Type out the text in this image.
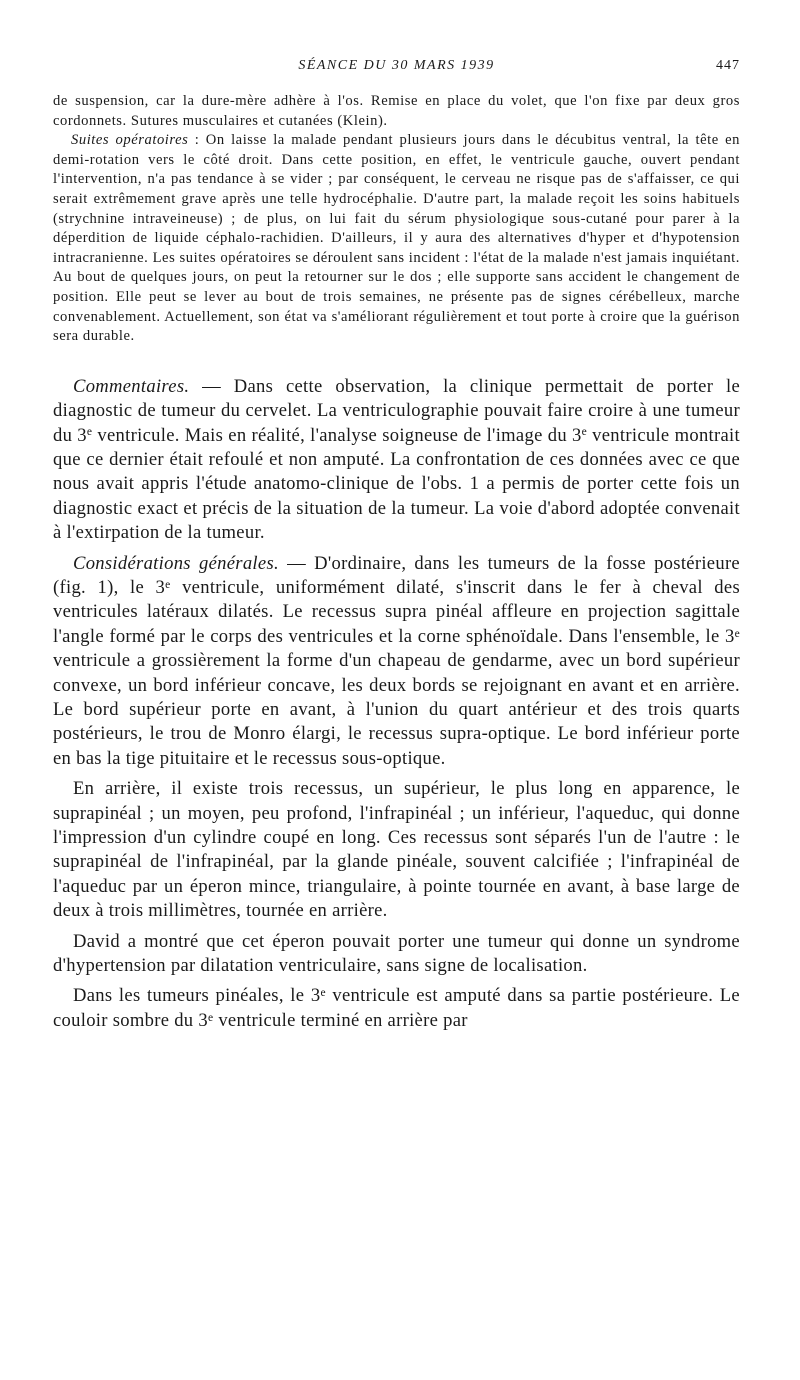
SÉANCE DU 30 MARS 1939	447

de suspension, car la dure-mère adhère à l'os. Remise en place du volet, que l'on fixe par deux gros cordonnets. Sutures musculaires et cutanées (Klein).

Suites opératoires : On laisse la malade pendant plusieurs jours dans le décubitus ventral, la tête en demi-rotation vers le côté droit. Dans cette position, en effet, le ventricule gauche, ouvert pendant l'intervention, n'a pas tendance à se vider ; par conséquent, le cerveau ne risque pas de s'affaisser, ce qui serait extrêmement grave après une telle hydrocéphalie. D'autre part, la malade reçoit les soins habituels (strychnine intraveineuse) ; de plus, on lui fait du sérum physiologique sous-cutané pour parer à la déperdition de liquide céphalo-rachidien. D'ailleurs, il y aura des alternatives d'hyper et d'hypotension intracranienne. Les suites opératoires se déroulent sans incident : l'état de la malade n'est jamais inquiétant. Au bout de quelques jours, on peut la retourner sur le dos ; elle supporte sans accident le changement de position. Elle peut se lever au bout de trois semaines, ne présente pas de signes cérébelleux, marche convenablement. Actuellement, son état va s'améliorant régulièrement et tout porte à croire que la guérison sera durable.

Commentaires. — Dans cette observation, la clinique permettait de porter le diagnostic de tumeur du cervelet. La ventriculographie pouvait faire croire à une tumeur du 3e ventricule. Mais en réalité, l'analyse soigneuse de l'image du 3e ventricule montrait que ce dernier était refoulé et non amputé. La confrontation de ces données avec ce que nous avait appris l'étude anatomo-clinique de l'obs. 1 a permis de porter cette fois un diagnostic exact et précis de la situation de la tumeur. La voie d'abord adoptée convenait à l'extirpation de la tumeur.

Considérations générales. — D'ordinaire, dans les tumeurs de la fosse postérieure (fig. 1), le 3e ventricule, uniformément dilaté, s'inscrit dans le fer à cheval des ventricules latéraux dilatés. Le recessus supra pinéal affleure en projection sagittale l'angle formé par le corps des ventricules et la corne sphénoïdale. Dans l'ensemble, le 3e ventricule a grossièrement la forme d'un chapeau de gendarme, avec un bord supérieur convexe, un bord inférieur concave, les deux bords se rejoignant en avant et en arrière. Le bord supérieur porte en avant, à l'union du quart antérieur et des trois quarts postérieurs, le trou de Monro élargi, le recessus supra-optique. Le bord inférieur porte en bas la tige pituitaire et le recessus sous-optique.

En arrière, il existe trois recessus, un supérieur, le plus long en apparence, le suprapinéal ; un moyen, peu profond, l'infrapinéal ; un inférieur, l'aqueduc, qui donne l'impression d'un cylindre coupé en long. Ces recessus sont séparés l'un de l'autre : le suprapinéal de l'infrapinéal, par la glande pinéale, souvent calcifiée ; l'infrapinéal de l'aqueduc par un éperon mince, triangulaire, à pointe tournée en avant, à base large de deux à trois millimètres, tournée en arrière.

David a montré que cet éperon pouvait porter une tumeur qui donne un syndrome d'hypertension par dilatation ventriculaire, sans signe de localisation.

Dans les tumeurs pinéales, le 3e ventricule est amputé dans sa partie postérieure. Le couloir sombre du 3e ventricule terminé en arrière par
